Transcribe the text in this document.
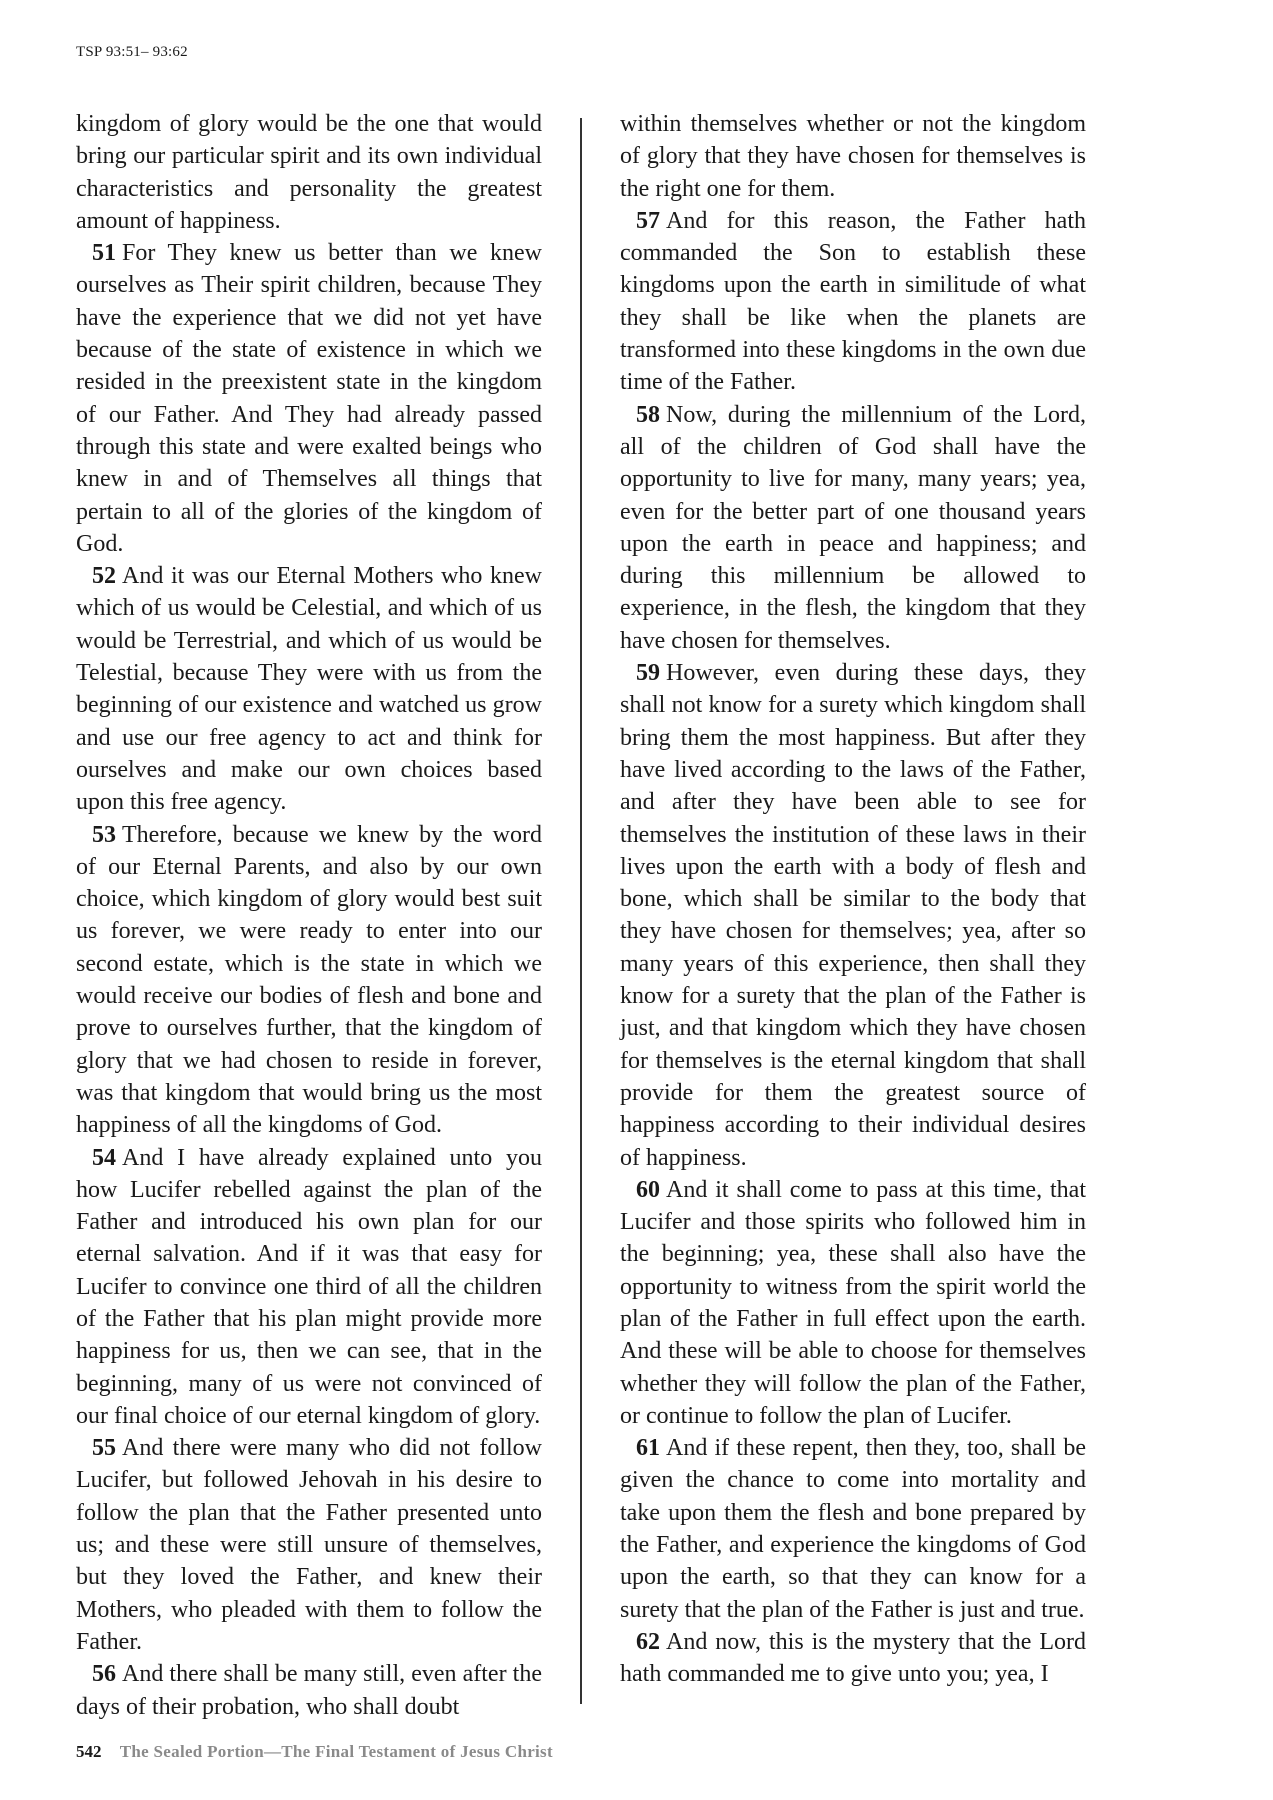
TSP 93:51– 93:62

kingdom of glory would be the one that would bring our particular spirit and its own individual characteristics and personality the greatest amount of happiness.

51 For They knew us better than we knew ourselves as Their spirit children, because They have the experience that we did not yet have because of the state of existence in which we resided in the preexistent state in the kingdom of our Father. And They had already passed through this state and were exalted beings who knew in and of Themselves all things that pertain to all of the glories of the kingdom of God.

52 And it was our Eternal Mothers who knew which of us would be Celestial, and which of us would be Terrestrial, and which of us would be Telestial, because They were with us from the beginning of our existence and watched us grow and use our free agency to act and think for ourselves and make our own choices based upon this free agency.

53 Therefore, because we knew by the word of our Eternal Parents, and also by our own choice, which kingdom of glory would best suit us forever, we were ready to enter into our second estate, which is the state in which we would receive our bodies of flesh and bone and prove to ourselves further, that the kingdom of glory that we had chosen to reside in forever, was that kingdom that would bring us the most happiness of all the kingdoms of God.

54 And I have already explained unto you how Lucifer rebelled against the plan of the Father and introduced his own plan for our eternal salvation. And if it was that easy for Lucifer to convince one third of all the children of the Father that his plan might provide more happiness for us, then we can see, that in the beginning, many of us were not convinced of our final choice of our eternal kingdom of glory.

55 And there were many who did not follow Lucifer, but followed Jehovah in his desire to follow the plan that the Father presented unto us; and these were still unsure of themselves, but they loved the Father, and knew their Mothers, who pleaded with them to follow the Father.

56 And there shall be many still, even after the days of their probation, who shall doubt

within themselves whether or not the kingdom of glory that they have chosen for themselves is the right one for them.

57 And for this reason, the Father hath commanded the Son to establish these kingdoms upon the earth in similitude of what they shall be like when the planets are transformed into these kingdoms in the own due time of the Father.

58 Now, during the millennium of the Lord, all of the children of God shall have the opportunity to live for many, many years; yea, even for the better part of one thousand years upon the earth in peace and happiness; and during this millennium be allowed to experience, in the flesh, the kingdom that they have chosen for themselves.

59 However, even during these days, they shall not know for a surety which kingdom shall bring them the most happiness. But after they have lived according to the laws of the Father, and after they have been able to see for themselves the institution of these laws in their lives upon the earth with a body of flesh and bone, which shall be similar to the body that they have chosen for themselves; yea, after so many years of this experience, then shall they know for a surety that the plan of the Father is just, and that kingdom which they have chosen for themselves is the eternal kingdom that shall provide for them the greatest source of happiness according to their individual desires of happiness.

60 And it shall come to pass at this time, that Lucifer and those spirits who followed him in the beginning; yea, these shall also have the opportunity to witness from the spirit world the plan of the Father in full effect upon the earth. And these will be able to choose for themselves whether they will follow the plan of the Father, or continue to follow the plan of Lucifer.

61 And if these repent, then they, too, shall be given the chance to come into mortality and take upon them the flesh and bone prepared by the Father, and experience the kingdoms of God upon the earth, so that they can know for a surety that the plan of the Father is just and true.

62 And now, this is the mystery that the Lord hath commanded me to give unto you; yea, I

542 The Sealed Portion—The Final Testament of Jesus Christ
